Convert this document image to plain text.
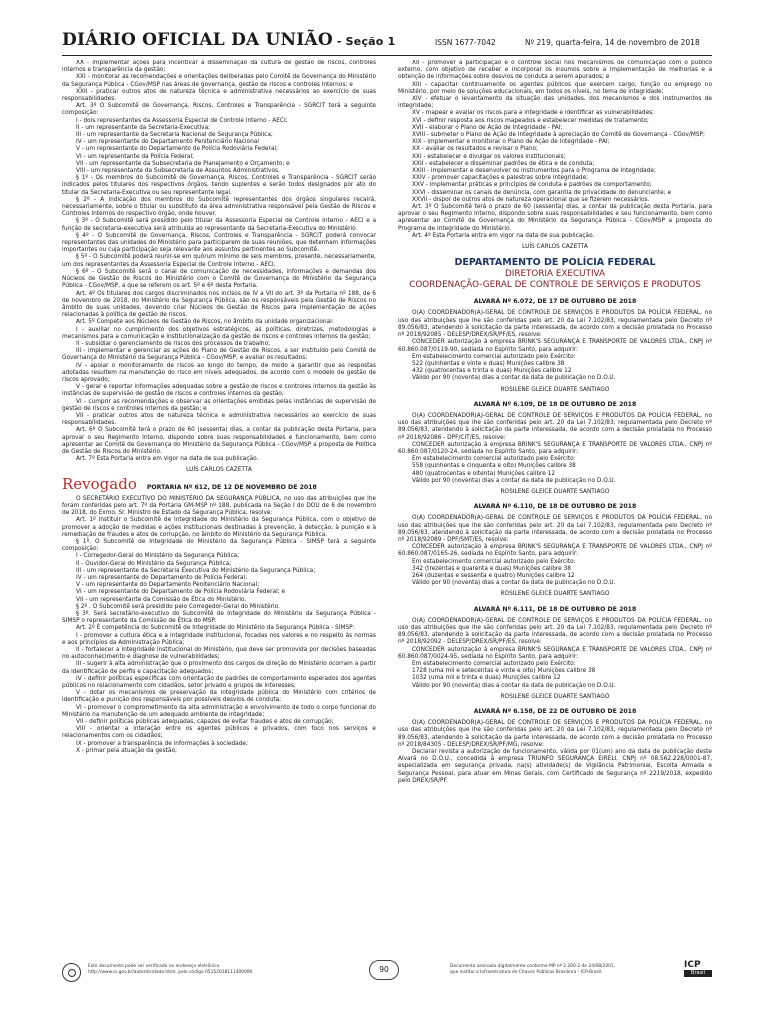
DIÁRIO OFICIAL DA UNIÃO - Seção 1	ISSN 1677-7042	Nº 219, quarta-feira, 14 de novembro de 2018

XX - implementar ações para incentivar a disseminação da cultura de gestão de riscos, controles internos e transparência da gestão;

XXI - monitorar as recomendações e orientações deliberadas pelo Comitê de Governança do Ministério da Segurança Pública - CGov/MSP nas áreas de governança, gestão de riscos e controles internos; e

XXII - praticar outros atos de natureza técnica e administrativa necessários ao exercício de suas responsabilidades.

Art. 3º O Subcomitê de Governança, Riscos, Controles e Transparência - SGRCIT terá a seguinte composição:

I - dois representantes da Assessoria Especial de Controle Interno - AECI;

II - um representante da Secretaria-Executiva;

III - um representante da Secretaria Nacional de Segurança Pública;

IV - um representante do Departamento Penitenciário Nacional

V - um representante do Departamento de Polícia Rodoviária Federal;

VI - um representante da Polícia Federal;

VII - um representante da Subsecretaria de Planejamento e Orçamento; e

VIII - um representante da Subsecretaria de Assuntos Administrativos.

§ 1º - Os membros do Subcomitê de Governança, Riscos, Controles e Transparência - SGRCIT serão indicados pelos titulares dos respectivos órgãos, tendo suplentes e serão todos designados por ato do titular da Secretaria-Executiva ou seu representante legal.

§ 2º - A indicação dos membros do Subcomitê representantes dos órgãos singulares recairá, necessariamente, sobre o titular ou substituto da área administrativa responsável pela Gestão de Riscos e Controles Internos do respectivo órgão, onde houver.

§ 3º - O Subcomitê será presidido pelo titular da Assessoria Especial de Controle Interno - AECI e a função de secretaria-executiva será atribuída ao representante da Secretaria-Executiva do Ministério.

§ 4º - O Subcomitê de Governança, Riscos, Controles e Transparência - SGRCIT poderá convocar representantes das unidades do Ministério para participarem de suas reuniões, que detenham informações importantes ou cuja participação seja relevante aos assuntos pertinentes ao Subcomitê.

§ 5º - O Subcomitê poderá reunir-se em quórum mínimo de seis membros, presente, necessariamente, um dos representantes da Assessoria Especial de Controle Interno - AECI.

§ 6º - O Subcomitê será o canal de comunicação de necessidades, informações e demandas dos Núcleos de Gestão de Riscos do Ministério com o Comitê de Governança do Ministério da Segurança Pública - CGov/MSP, a que se referem os art. 5º e 6º desta Portaria.

Art. 4º Os titulares dos cargos discriminados nos incisos de IV a VII do art. 3º da Portaria nº 188, de 6 de novembro de 2018, do Ministério da Segurança Pública, são os responsáveis pela Gestão de Riscos no âmbito de suas unidades, devendo criar Núcleos de Gestão de Riscos para implementação de ações relacionadas à política de gestão de riscos.

Art. 5º Compete aos Núcleos de Gestão de Riscos, no âmbito da unidade organizacional:

I - auxiliar no cumprimento dos objetivos estratégicos, as políticas, diretrizes, metodologias e mecanismos para a comunicação e institucionalização da gestão de riscos e controles internos da gestão;

II - subsidiar o gerenciamento de riscos dos processos de trabalho;

III - implementar e gerenciar as ações do Plano de Gestão de Riscos, a ser instituído pelo Comitê de Governança do Ministério da Segurança Pública - CGov/MSP, e avaliar os resultados;

IV - apoiar o monitoramento de riscos ao longo do tempo, de modo a garantir que as respostas adotadas resultem na manutenção do risco em níveis adequados, de acordo com o modelo de gestão de riscos aprovado;

V - gerar e reportar informações adequadas sobre a gestão de riscos e controles internos da gestão às instâncias de supervisão de gestão de riscos e controles internos da gestão;

VI - cumprir as recomendações e observar as orientações emitidas pelas instâncias de supervisão de gestão de riscos e controles internos da gestão; e

VII - praticar outros atos de natureza técnica e administrativa necessários ao exercício de suas responsabilidades.

Art. 6º O Subcomitê terá o prazo de 60 (sessenta) dias, a contar da publicação desta Portaria, para aprovar o seu Regimento Interno, dispondo sobre suas responsabilidades e funcionamento, bem como apresentar ao Comitê de Governança do Ministério da Segurança Pública - CGov/MSP a proposta de Política de Gestão de Riscos do Ministério.

Art. 7º Esta Portaria entra em vigor na data de sua publicação.

LUÍS CARLOS CAZETTA

Revogado PORTARIA Nº 612, DE 12 DE NOVEMBRO DE 2018

O SECRETÁRIO EXECUTIVO DO MINISTÉRIO DA SEGURANÇA PÚBLICA, no uso das atribuições que lhe foram conferidas pelo art. 7º da Portaria GM-MSP nº 188, publicada na Seção I do DOU de 6 de novembro de 2018, do Exmo. Sr. Ministro de Estado da Segurança Pública, resolve:

Art. 1º Instituir o Subcomitê de Integridade do Ministério da Segurança Pública, com o objetivo de promover a adoção de medidas e ações institucionais destinadas à prevenção, à detecção, à punição e à remediação de fraudes e atos de corrupção, no âmbito do Ministério da Segurança Pública.

§ 1º. O Subcomitê de Integridade do Ministério da Segurança Pública - SIMSP terá a seguinte composição:

I - Corregedor-Geral do Ministério da Segurança Pública;

II - Ouvidor-Geral do Ministério da Segurança Pública;

III - um representante da Secretaria Executiva do Ministério da Segurança Pública;

IV - um representante do Departamento de Polícia Federal;

V - um representante do Departamento Penitenciário Nacional;

VI - um representante do Departamento de Polícia Rodoviária Federal; e

VII - um representante da Comissão de Ética do Ministério.

§ 2º . O Subcomitê será presidido pelo Corregedor-Geral do Ministério.

§ 3º. Será secretário-executivo do Subcomitê de Integridade do Ministério da Segurança Pública - SIMSP o representante da Comissão de Ética do MSP.

Art. 2º É competência do Subcomitê de Integridade do Ministério da Segurança Pública - SIMSP:

I - promover a cultura ética e a integridade institucional, focadas nos valores e no respeito às normas e aos princípios da Administração Pública;

II - fortalecer a integridade institucional do Ministério, que deve ser promovida por decisões baseadas no autoconhecimento e diagnose de vulnerabilidades;

III - sugerir à alta administração que o provimento dos cargos de direção do Ministério ocorram a partir da identificação de perfis e capacitação adequados;

IV - definir políticas específicas com orientação de padrões de comportamento esperados dos agentes públicos no relacionamento com cidadãos, setor privado e grupos de interesses;

V - dotar os mecanismos de preservação da integridade pública do Ministério com critérios de identificação e punição dos responsáveis por possíveis desvios de conduta;

VI - promover o comprometimento da alta administração e envolvimento de todo o corpo funcional do Ministério na manutenção de um adequado ambiente de integridade;

VII - definir políticas públicas adequadas, capazes de evitar fraudes e atos de corrupção;

VIII - orientar a interação entre os agentes públicos e privados, com foco nos serviços e relacionamentos com os cidadãos;

IX - promover a transparência de informações à sociedade;

X - primar pela atuação da gestão;

XII - promover a participação e o controle social nos mecanismos de comunicação com o público externo, com objetivo de receber e incorporar os insumos sobre a implementação de melhorias e a obtenção de informações sobre desvios de conduta a serem apurados; e

XIII - capacitar continuamente os agentes públicos que exercem cargo, função ou emprego no Ministério, por meio de soluções educacionais, em todos os níveis, no tema de integridade;

XIV - efetuar o levantamento da situação das unidades, dos mecanismos e dos instrumentos de integridade;

XV - mapear e avaliar os riscos para a integridade e identificar as vulnerabilidades;

XVI - definir resposta aos riscos mapeados e estabelecer medidas de tratamento;

XVII - elaborar o Plano de Ação de Integridade - PAI;

XVIII - submeter o Plano de Ação de Integridade à apreciação do Comitê de Governança - CGov/MSP;

XIX - implementar e monitorar o Plano de Ação de Integridade - PAI;

XX - avaliar os resultados e revisar o Plano;

XXI - estabelecer e divulgar os valores institucionais;

XXII - estabelecer e disseminar padrões de ética e de conduta;

XXIII - implementar e desenvolver os instrumentos para o Programa de Integridade;

XXIV - promover capacitações e palestras sobre integridade;

XXV - implementar práticas e princípios de conduta e padrões de comportamento;

XXVI - disseminar os canais de denúncia, com garantia de privacidade do denunciante; e

XXVII - dispor de outros atos de natureza operacional que se fizerem necessários.

Art. 3º O Subcomitê terá o prazo de 60 (sessenta) dias, a contar da publicação desta Portaria, para aprovar o seu Regimento Interno, dispondo sobre suas responsabilidades e seu funcionamento, bem como apresentar ao Comitê de Governança do Ministério da Segurança Pública - CGov/MSP a proposta do Programa de Integridade do Ministério.

Art. 4º Esta Portaria entra em vigor na data de sua publicação.

LUÍS CARLOS CAZETTA

DEPARTAMENTO DE POLÍCIA FEDERAL
DIRETORIA EXECUTIVA
COORDENAÇÃO-GERAL DE CONTROLE DE SERVIÇOS E PRODUTOS

ALVARÁ Nº 6.072, DE 17 DE OUTUBRO DE 2018

O(A) COORDENADOR(A)-GERAL DE CONTROLE DE SERVIÇOS E PRODUTOS DA POLÍCIA FEDERAL, no uso das atribuições que lhe são conferidas pelo art. 20 da Lei 7.102/83, regulamentada pelo Decreto nº 89.056/83, atendendo à solicitação da parte interessada, de acordo com a decisão prolatada no Processo nº 2018/92085 - DELESP/DREX/SR/PF/ES, resolve:

CONCEDER autorização à empresa BRINK'S SEGURANÇA E TRANSPORTE DE VALORES LTDA., CNPJ nº 60.860.087/0119-90, sediada no Espírito Santo, para adquirir:

Em estabelecimento comercial autorizado pelo Exército:

522 (quinhentas e vinte e duas) Munições calibre 38

432 (quatrocentas e trinta e duas) Munições calibre 12

Válido por 90 (noventa) dias a contar da data de publicação no D.O.U.

ROSILENE GLEICE DUARTE SANTIAGO

ALVARÁ Nº 6.109, DE 18 DE OUTUBRO DE 2018

O(A) COORDENADOR(A)-GERAL DE CONTROLE DE SERVIÇOS E PRODUTOS DA POLÍCIA FEDERAL, no uso das atribuições que lhe são conferidas pelo art. 20 da Lei 7.102/83, regulamentada pelo Decreto nº 89.056/83, atendendo à solicitação da parte interessada, de acordo com a decisão prolatada no Processo nº 2018/92086 - DPF/CIT/ES, resolve:

CONCEDER autorização à empresa BRINK'S SEGURANÇA E TRANSPORTE DE VALORES LTDA., CNPJ nº 60.860.087/0120-24, sediada no Espírito Santo, para adquirir:

Em estabelecimento comercial autorizado pelo Exército:

558 (quinhentas e cinquenta e oito) Munições calibre 38

480 (quatrocentas e oitenta) Munições calibre 12

Válido por 90 (noventa) dias a contar da data de publicação no D.O.U.

ROSILENE GLEICE DUARTE SANTIAGO

ALVARÁ Nº 6.110, DE 18 DE OUTUBRO DE 2018

O(A) COORDENADOR(A)-GERAL DE CONTROLE DE SERVIÇOS E PRODUTOS DA POLÍCIA FEDERAL, no uso das atribuições que lhe são conferidas pelo art. 20 da Lei 7.102/83, regulamentada pelo Decreto nº 89.056/83, atendendo à solicitação da parte interessada, de acordo com a decisão prolatada no Processo nº 2018/92089 - DPF/SMT/ES, resolve:

CONCEDER autorização à empresa BRINK'S SEGURANÇA E TRANSPORTE DE VALORES LTDA., CNPJ nº 60.860.087/0165-26, sediada no Espírito Santo, para adquirir:

Em estabelecimento comercial autorizado pelo Exército:

342 (trezentas e quarenta e duas) Munições calibre 38

264 (duzentas e sessenta e quatro) Munições calibre 12

Válido por 90 (noventa) dias a contar da data de publicação no D.O.U.

ROSILENE GLEICE DUARTE SANTIAGO

ALVARÁ Nº 6.111, DE 18 DE OUTUBRO DE 2018

O(A) COORDENADOR(A)-GERAL DE CONTROLE DE SERVIÇOS E PRODUTOS DA POLÍCIA FEDERAL, no uso das atribuições que lhe são conferidas pelo art. 20 da Lei 7.102/83, regulamentada pelo Decreto nº 89.056/83, atendendo à solicitação da parte interessada, de acordo com a decisão prolatada no Processo nº 2018/92092 - DELESP/DREX/SR/PF/ES, resolve:

CONCEDER autorização à empresa BRINK'S SEGURANÇA E TRANSPORTE DE VALORES LTDA., CNPJ nº 60.860.087/0024-95, sediada no Espírito Santo, para adquirir:

Em estabelecimento comercial autorizado pelo Exército:

1728 (uma mil e setecentas e vinte e oito) Munições calibre 38

1032 (uma mil e trinta e duas) Munições calibre 12

Válido por 90 (noventa) dias a contar da data de publicação no D.O.U.

ROSILENE GLEICE DUARTE SANTIAGO

ALVARÁ Nº 6.158, DE 22 DE OUTUBRO DE 2018

O(A) COORDENADOR(A)-GERAL DE CONTROLE DE SERVIÇOS E PRODUTOS DA POLÍCIA FEDERAL, no uso das atribuições que lhe são conferidas pelo art. 20 da Lei 7.102/83, regulamentada pelo Decreto nº 89.056/83, atendendo à solicitação da parte interessada, de acordo com a decisão prolatada no Processo nº 2018/84305 - DELESP/DREX/SR/PF/MG, resolve:

Declarar revista a autorização de funcionamento, válida por 01(um) ano da data de publicação deste Alvará no D.O.U., concedida à empresa TRIUNFO SEGURANÇA EIRELI, CNPJ nº 08.562.228/0001-87, especializada em segurança privada, na(s) atividade(s) de Vigilância Patrimonial, Escolta Armada e Segurança Pessoal, para atuar em Minas Gerais, com Certificado de Segurança nº 2219/2018, expedido pelo DREX/SR/PF.

Este documento pode ser verificado no endereço eletrônico
http://www.in.gov.br/autenticidade.html, pelo código 05152018111400090	90	Documento assinado digitalmente conforme MP nº 2.200-2 de 24/08/2001,
que institui a Infraestrutura de Chaves Públicas Brasileira - ICP-Brasil.
ICP
Brasil
